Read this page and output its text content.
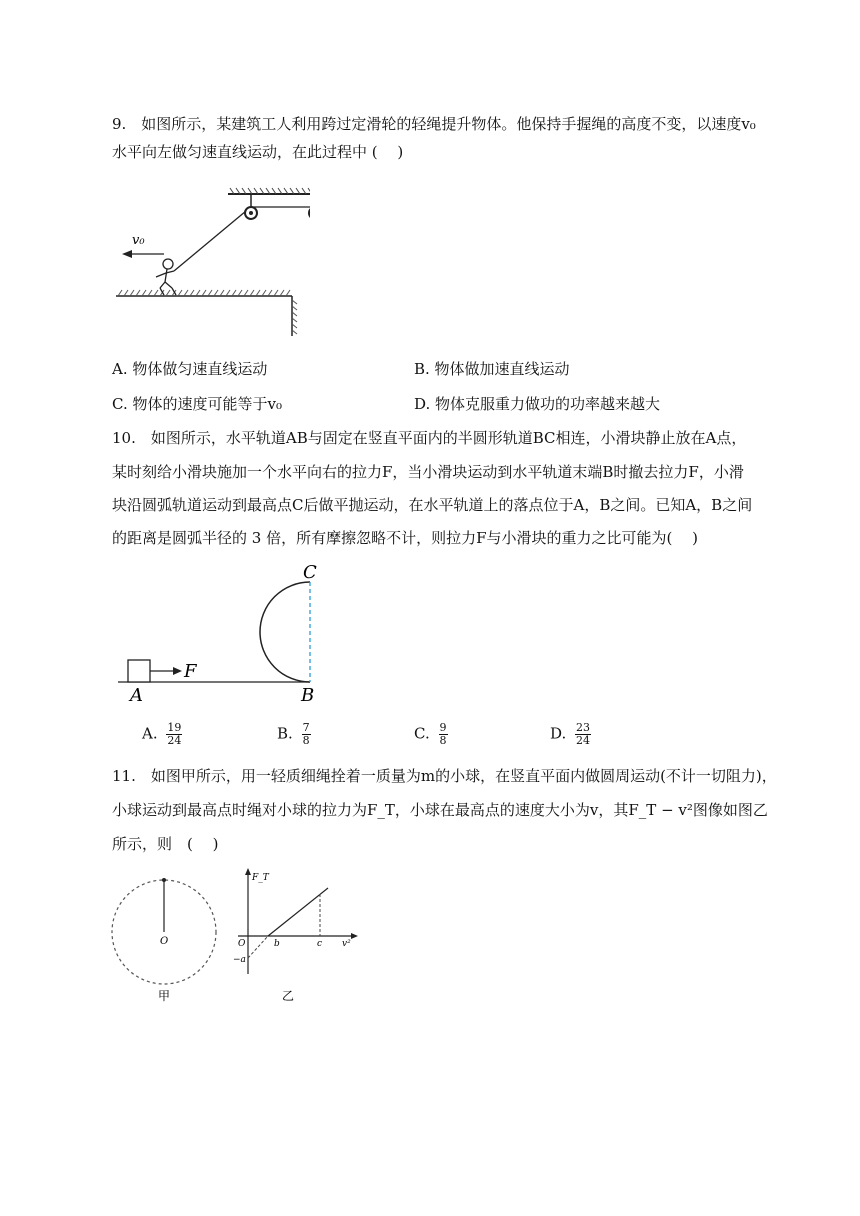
9.　如图所示，某建筑工人利用跨过定滑轮的轻绳提升物体。他保持手握绳的高度不变，以速度v₀
水平向左做匀速直线运动，在此过程中 (　 )
v₀
A. 物体做匀速直线运动	B. 物体做加速直线运动
C. 物体的速度可能等于v₀	D. 物体克服重力做功的功率越来越大
10.　如图所示，水平轨道AB与固定在竖直平面内的半圆形轨道BC相连，小滑块静止放在A点，
某时刻给小滑块施加一个水平向右的拉力F，当小滑块运动到水平轨道末端B时撤去拉力F，小滑
块沿圆弧轨道运动到最高点C后做平抛运动，在水平轨道上的落点位于A，B之间。已知A，B之间
的距离是圆弧半径的 3 倍，所有摩擦忽略不计，则拉力F与小滑块的重力之比可能为(　 )
F
A	B
C
A. $\frac{19}{24}$	B. $\frac{7}{8}$	C. $\frac{9}{8}$	D. $\frac{23}{24}$
11.　如图甲所示，用一轻质细绳拴着一质量为m的小球，在竖直平面内做圆周运动(不计一切阻力)，
小球运动到最高点时绳对小球的拉力为F_T，小球在最高点的速度大小为v，其F_T − v²图像如图乙
所示，则　(　 )
O
甲
F_T
O	b	c v²
−a
乙
